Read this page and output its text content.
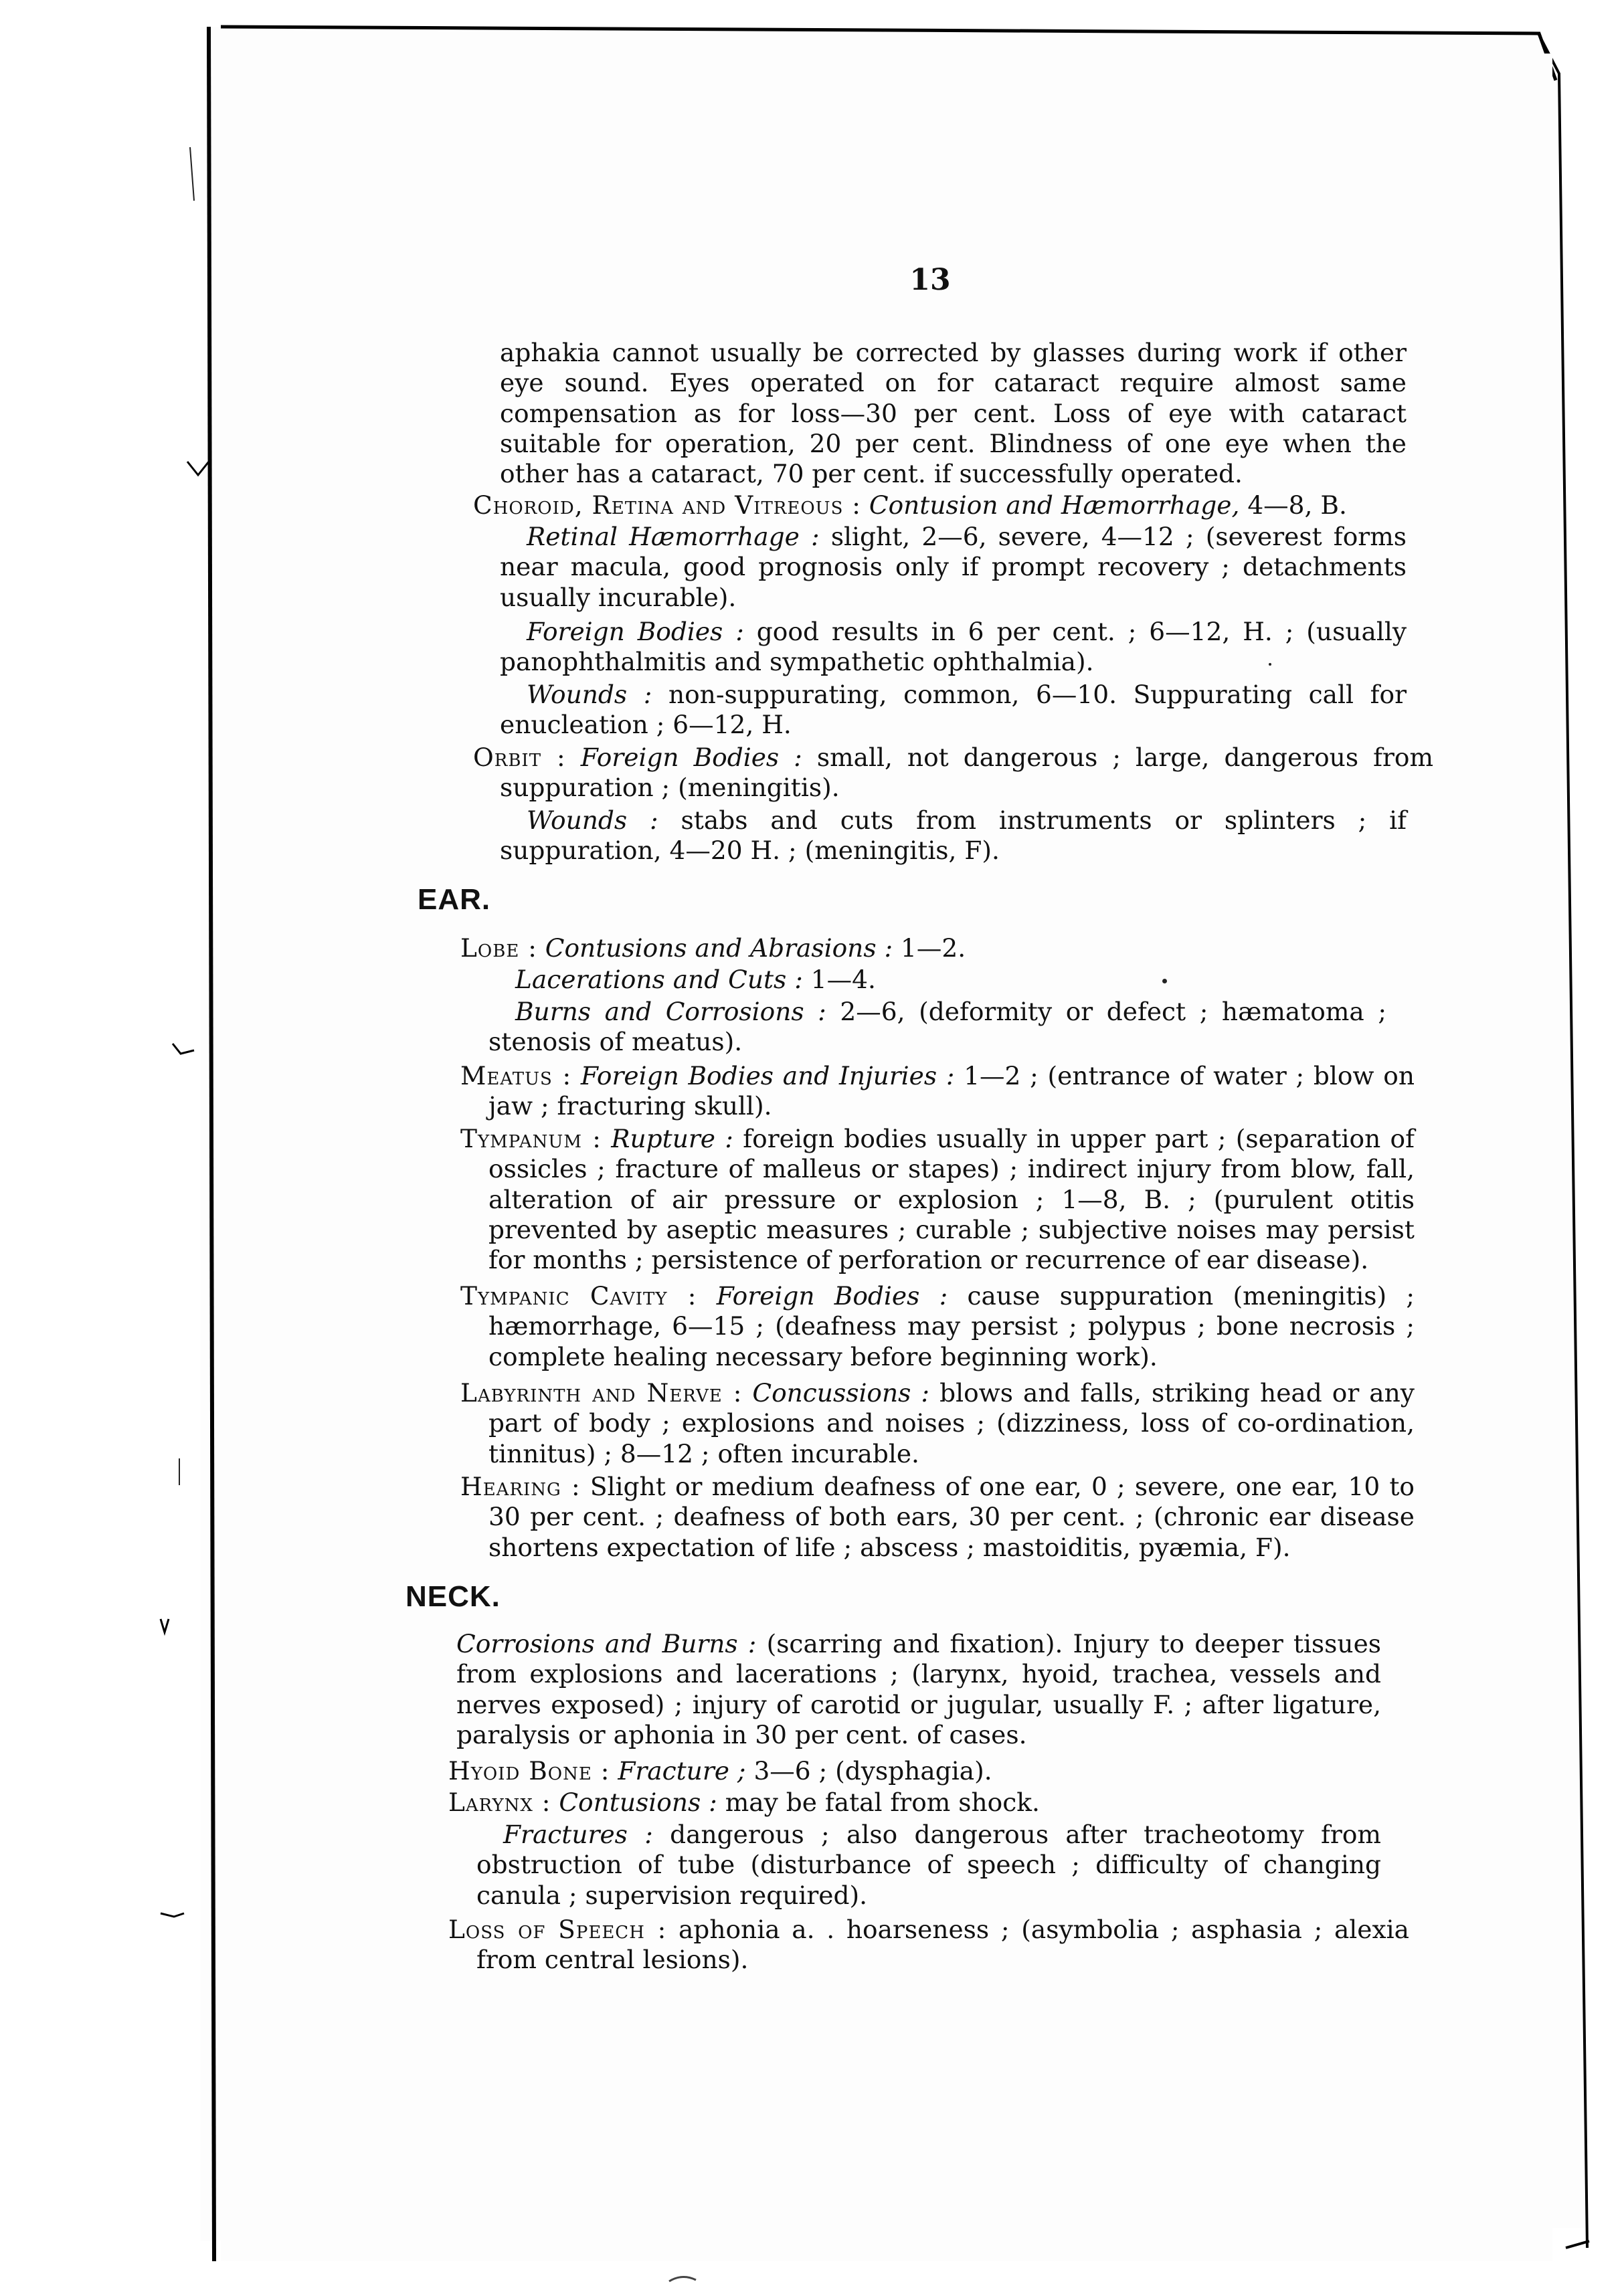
13

aphakia cannot usually be corrected by glasses during work if other eye sound. Eyes operated on for cataract require almost same compensation as for loss—30 per cent. Loss of eye with cataract suitable for operation, 20 per cent. Blindness of one eye when the other has a cataract, 70 per cent. if successfully operated.

Choroid, Retina and Vitreous : Contusion and Hæmorrhage, 4—8, B.

Retinal Hæmorrhage : slight, 2—6, severe, 4—12 ; (severest forms near macula, good prognosis only if prompt recovery ; detachments usually incurable).

Foreign Bodies : good results in 6 per cent. ; 6—12, H. ; (usually panophthalmitis and sympathetic ophthalmia).

Wounds : non-suppurating, common, 6—10. Suppurating call for enucleation ; 6—12, H.

Orbit : Foreign Bodies : small, not dangerous ; large, dangerous from suppuration ; (meningitis).

Wounds : stabs and cuts from instruments or splinters ; if suppuration, 4—20 H. ; (meningitis, F).

EAR.

Lobe : Contusions and Abrasions : 1—2.

Lacerations and Cuts : 1—4.

Burns and Corrosions : 2—6, (deformity or defect ; hæmatoma ; stenosis of meatus).

Meatus : Foreign Bodies and Injuries : 1—2 ; (entrance of water ; blow on jaw ; fracturing skull).

Tympanum : Rupture : foreign bodies usually in upper part ; (separation of ossicles ; fracture of malleus or stapes) ; indirect injury from blow, fall, alteration of air pressure or explosion ; 1—8, B. ; (purulent otitis prevented by aseptic measures ; curable ; subjective noises may persist for months ; persistence of perforation or recurrence of ear disease).

Tympanic Cavity : Foreign Bodies : cause suppuration (meningitis) ; hæmorrhage, 6—15 ; (deafness may persist ; polypus ; bone necrosis ; complete healing necessary before beginning work).

Labyrinth and Nerve : Concussions : blows and falls, striking head or any part of body ; explosions and noises ; (dizziness, loss of co-ordination, tinnitus) ; 8—12 ; often incurable.

Hearing : Slight or medium deafness of one ear, 0 ; severe, one ear, 10 to 30 per cent. ; deafness of both ears, 30 per cent. ; (chronic ear disease shortens expectation of life ; abscess ; mastoiditis, pyæmia, F).

NECK.

Corrosions and Burns : (scarring and fixation). Injury to deeper tissues from explosions and lacerations ; (larynx, hyoid, trachea, vessels and nerves exposed) ; injury of carotid or jugular, usually F. ; after ligature, paralysis or aphonia in 30 per cent. of cases.

Hyoid Bone : Fracture ; 3—6 ; (dysphagia).

Larynx : Contusions : may be fatal from shock.

Fractures : dangerous ; also dangerous after tracheotomy from obstruction of tube (disturbance of speech ; difficulty of changing canula ; supervision required).

Loss of Speech : aphonia a. . hoarseness ; (asymbolia ; asphasia ; alexia from central lesions).
